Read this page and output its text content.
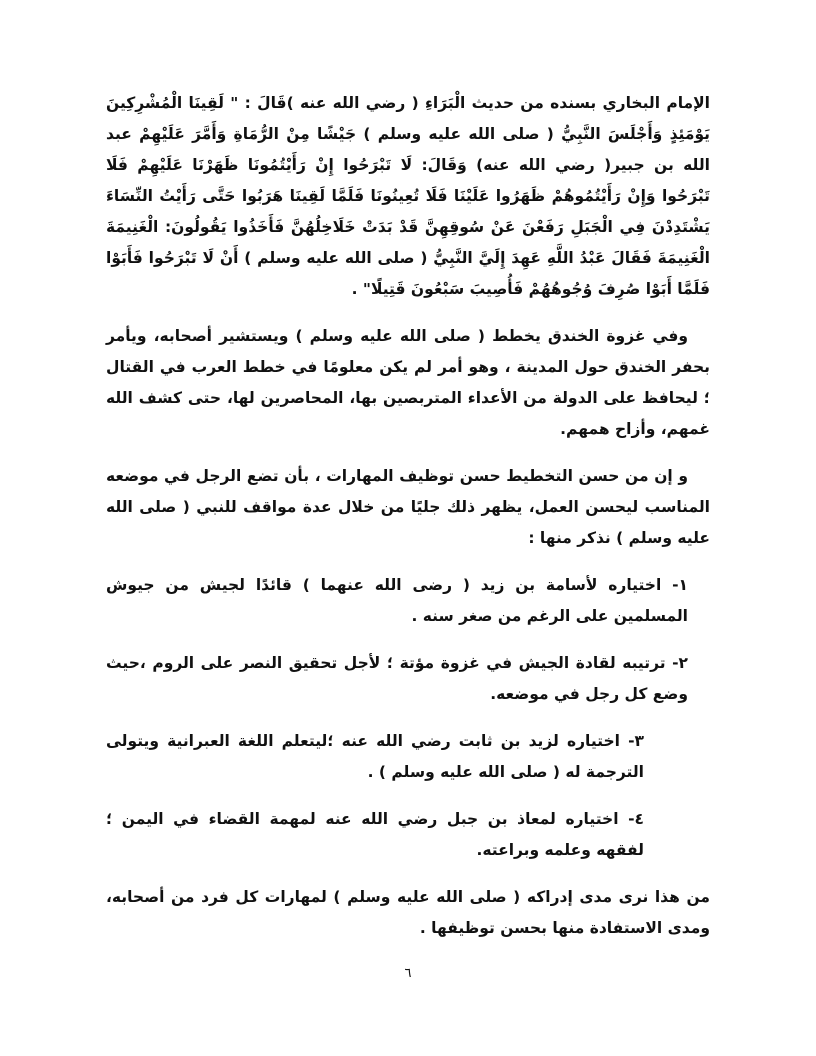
الإمام البخاري بسنده من حديث الْبَرَاءِ ( رضي الله عنه )قَالَ : " لَقِينَا الْمُشْرِكِينَ يَوْمَئِذٍ وَأَجْلَسَ النَّبِيُّ ( صلى الله عليه وسلم ) جَيْشًا مِنْ الرُّمَاةِ وَأَمَّرَ عَلَيْهِمْ عبد الله بن جبير( رضي الله عنه) وَقَالَ: لَا تَبْرَحُوا إِنْ رَأَيْتُمُونَا ظَهَرْنَا عَلَيْهِمْ فَلَا تَبْرَحُوا وَإِنْ رَأَيْتُمُوهُمْ ظَهَرُوا عَلَيْنَا فَلَا تُعِينُونَا فَلَمَّا لَقِينَا هَرَبُوا حَتَّى رَأَيْتُ النِّسَاءَ يَشْتَدِدْنَ فِي الْجَبَلِ رَفَعْنَ عَنْ سُوقِهِنَّ قَدْ بَدَتْ خَلَاخِلُهُنَّ فَأَخَذُوا يَقُولُونَ: الْغَنِيمَةَ الْغَنِيمَةَ فَقَالَ عَبْدُ اللَّهِ عَهِدَ إِلَيَّ النَّبِيُّ ( صلى الله عليه وسلم ) أَنْ لَا تَبْرَحُوا فَأَبَوْا فَلَمَّا أَبَوْا صُرِفَ وُجُوهُهُمْ فَأُصِيبَ سَبْعُونَ قَتِيلًا" .

وفي غزوة الخندق يخطط ( صلى الله عليه وسلم ) ويستشير أصحابه، ويأمر بحفر الخندق حول المدينة ، وهو أمر لم يكن معلومًا في خطط العرب في القتال ؛ ليحافظ على الدولة من الأعداء المتربصين بها، المحاصرين لها، حتى كشف الله غمهم، وأزاح همهم.

و إن من حسن التخطيط حسن توظيف المهارات ، بأن تضع الرجل في موضعه المناسب ليحسن العمل، يظهر ذلك جليًا من خلال عدة مواقف للنبي ( صلى الله عليه وسلم ) نذكر منها :

١- اختياره لأسامة بن زيد ( رضى الله عنهما ) قائدًا لجيش من جيوش المسلمين على الرغم من صغر سنه .
٢- ترتيبه لقادة الجيش في غزوة مؤتة ؛ لأجل تحقيق النصر على الروم ،حيث وضع كل رجل في موضعه.
٣- اختياره لزيد بن ثابت رضي الله عنه ؛ليتعلم اللغة العبرانية ويتولى الترجمة له ( صلى الله عليه وسلم ) .
٤- اختياره لمعاذ بن جبل رضي الله عنه لمهمة القضاء في اليمن ؛ لفقهه وعلمه وبراعته.

من هذا نرى مدى إدراكه ( صلى الله عليه وسلم ) لمهارات كل فرد من أصحابه، ومدى الاستفادة منها بحسن توظيفها .

٦
